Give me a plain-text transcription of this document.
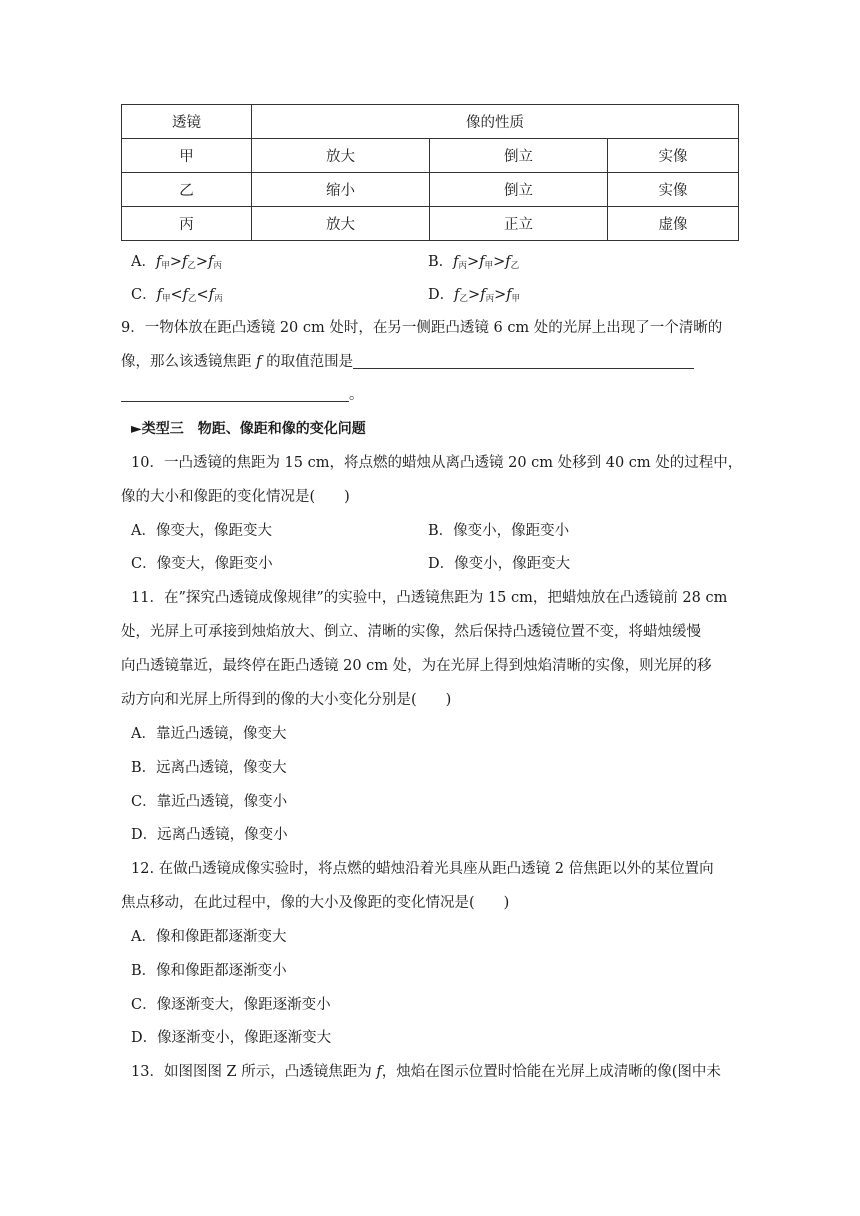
透镜	像的性质		
甲	放大	倒立	实像
乙	缩小	倒立	实像
丙	放大	正立	虚像
A．$f_甲>f_乙>f_丙$	B．$f_丙>f_甲>f_乙$
C．$f_甲<f_乙<f_丙$	D．$f_乙>f_丙>f_甲$
9．一物体放在距凸透镜 20 cm 处时，在另一侧距凸透镜 6 cm 处的光屏上出现了一个清晰的
像，那么该透镜焦距 f 的取值范围是
。
►类型三　物距、像距和像的变化问题
10．一凸透镜的焦距为 15 cm，将点燃的蜡烛从离凸透镜 20 cm 处移到 40 cm 处的过程中，
像的大小和像距的变化情况是(　　)
A．像变大，像距变大	B．像变小，像距变小
C．像变大，像距变小	D．像变小，像距变大
11．在”探究凸透镜成像规律”的实验中，凸透镜焦距为 15 cm，把蜡烛放在凸透镜前 28 cm
处，光屏上可承接到烛焰放大、倒立、清晰的实像，然后保持凸透镜位置不变，将蜡烛缓慢
向凸透镜靠近，最终停在距凸透镜 20 cm 处，为在光屏上得到烛焰清晰的实像，则光屏的移
动方向和光屏上所得到的像的大小变化分别是(　　)
A．靠近凸透镜，像变大
B．远离凸透镜，像变大
C．靠近凸透镜，像变小
D．远离凸透镜，像变小
12. 在做凸透镜成像实验时，将点燃的蜡烛沿着光具座从距凸透镜 2 倍焦距以外的某位置向
焦点移动，在此过程中，像的大小及像距的变化情况是(　　)
A．像和像距都逐渐变大
B．像和像距都逐渐变小
C．像逐渐变大，像距逐渐变小
D．像逐渐变小，像距逐渐变大
13．如图图图 Z 所示，凸透镜焦距为 f，烛焰在图示位置时恰能在光屏上成清晰的像(图中未
